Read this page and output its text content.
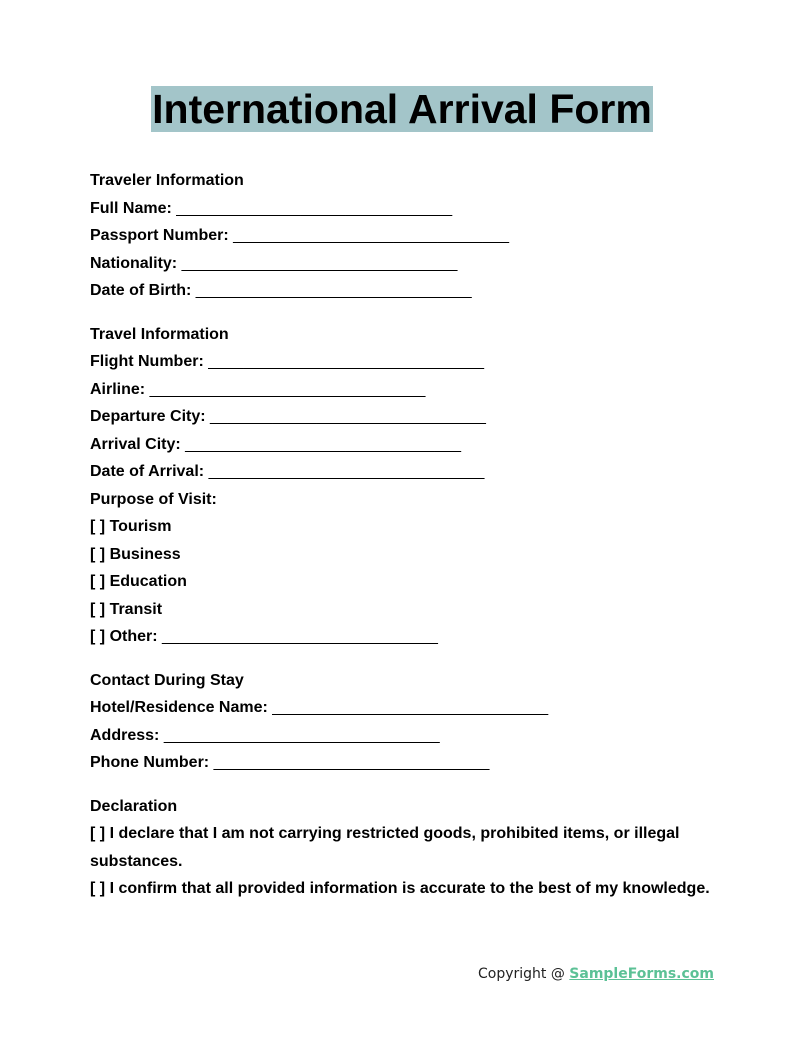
International Arrival Form
Traveler Information
Full Name: _______________________________
Passport Number: _______________________________
Nationality: _______________________________
Date of Birth: _______________________________
Travel Information
Flight Number: _______________________________
Airline: _______________________________
Departure City: _______________________________
Arrival City: _______________________________
Date of Arrival: _______________________________
Purpose of Visit:
[ ] Tourism
[ ] Business
[ ] Education
[ ] Transit
[ ] Other: _______________________________
Contact During Stay
Hotel/Residence Name: _______________________________
Address: _______________________________
Phone Number: _______________________________
Declaration
[ ] I declare that I am not carrying restricted goods, prohibited items, or illegal substances.
[ ] I confirm that all provided information is accurate to the best of my knowledge.
Copyright @ SampleForms.com
